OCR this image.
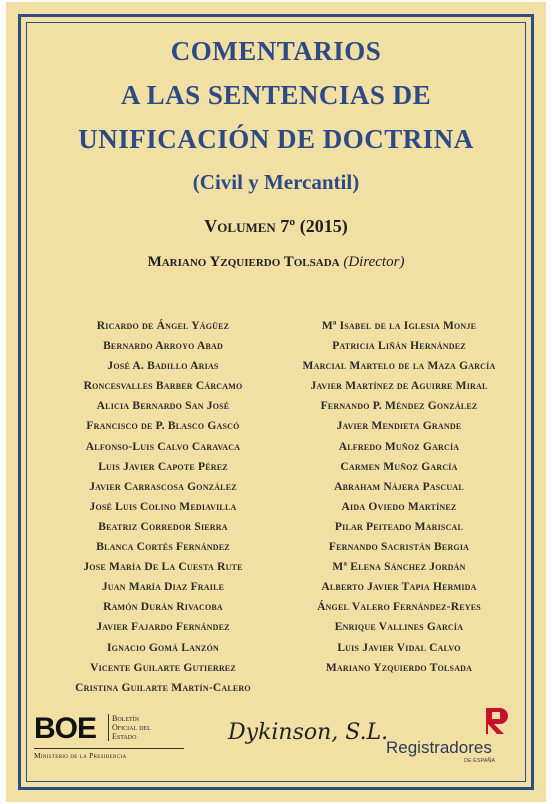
COMENTARIOS
A LAS SENTENCIAS DE
UNIFICACIÓN DE DOCTRINA
(Civil y Mercantil)
Volumen 7º (2015)
Mariano Yzquierdo Tolsada (Director)
Ricardo de Ángel Yágüez
Bernardo Arroyo Abad
José A. Badillo Arias
Roncesvalles Barber Cárcamo
Alicia Bernardo San José
Francisco de P. Blasco Gascó
Alfonso-Luis Calvo Caravaca
Luis Javier Capote Pérez
Javier Carrascosa González
José Luis Colino Mediavilla
Beatriz Corredor Sierra
Blanca Cortés Fernández
Jose María De La Cuesta Rute
Juan María Diaz Fraile
Ramón Durán Rivacoba
Javier Fajardo Fernández
Ignacio Gomá Lanzón
Vicente Guilarte Gutierrez
Cristina Guilarte Martín-Calero
Mª Isabel de la Iglesia Monje
Patricia Liñán Hernández
Marcial Martelo de la Maza García
Javier Martínez de Aguirre Miral
Fernando P. Méndez González
Javier Mendieta Grande
Alfredo Muñoz García
Carmen Muñoz García
Abraham Nájera Pascual
Aida Oviedo Martínez
Pilar Peiteado Mariscal
Fernando Sacristán Bergia
Mª Elena Sánchez Jordán
Alberto Javier Tapia Hermida
Ángel Valero Fernández-Reyes
Enrique Vallines García
Luis Javier Vidal Calvo
Mariano Yzquierdo Tolsada
BOE Boletín
Oficial del
Estado
Ministerio de la Presidencia
Dykinson, S.L.
Registradores
DE ESPAÑA
